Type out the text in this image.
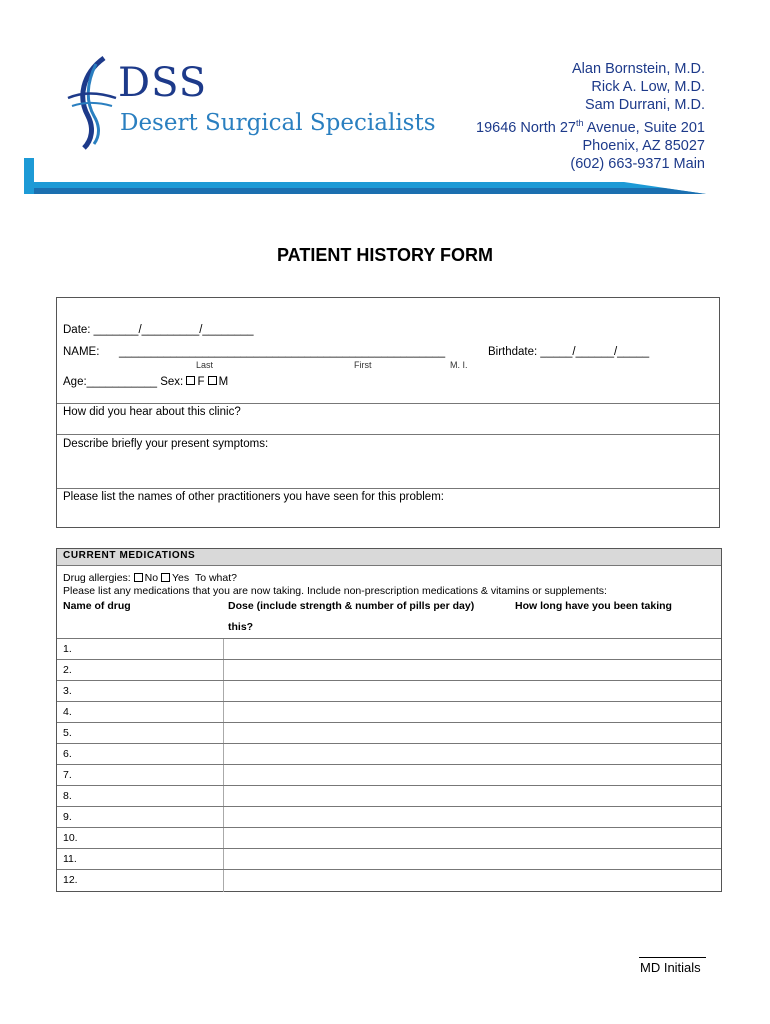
DSS
Desert Surgical Specialists
Alan Bornstein, M.D.
Rick A. Low, M.D.
Sam Durrani, M.D.
19646 North 27th Avenue, Suite 201
Phoenix, AZ 85027
(602) 663-9371 Main
PATIENT HISTORY FORM
Date: _______/_________/________
NAME: ___________________________________________________	Birthdate: _____/______/_____
Last	First	M. I.
Age:___________ Sex: F M
How did you hear about this clinic?
Describe briefly your present symptoms:
Please list the names of other practitioners you have seen for this problem:
CURRENT MEDICATIONS
Drug allergies: No Yes To what?
Please list any medications that you are now taking. Include non-prescription medications & vitamins or supplements:
Name of drug	Dose (include strength & number of pills per day)	How long have you been taking
this?
1.
2.
3.
4.
5.
6.
7.
8.
9.
10.
11.
12.
MD Initials
